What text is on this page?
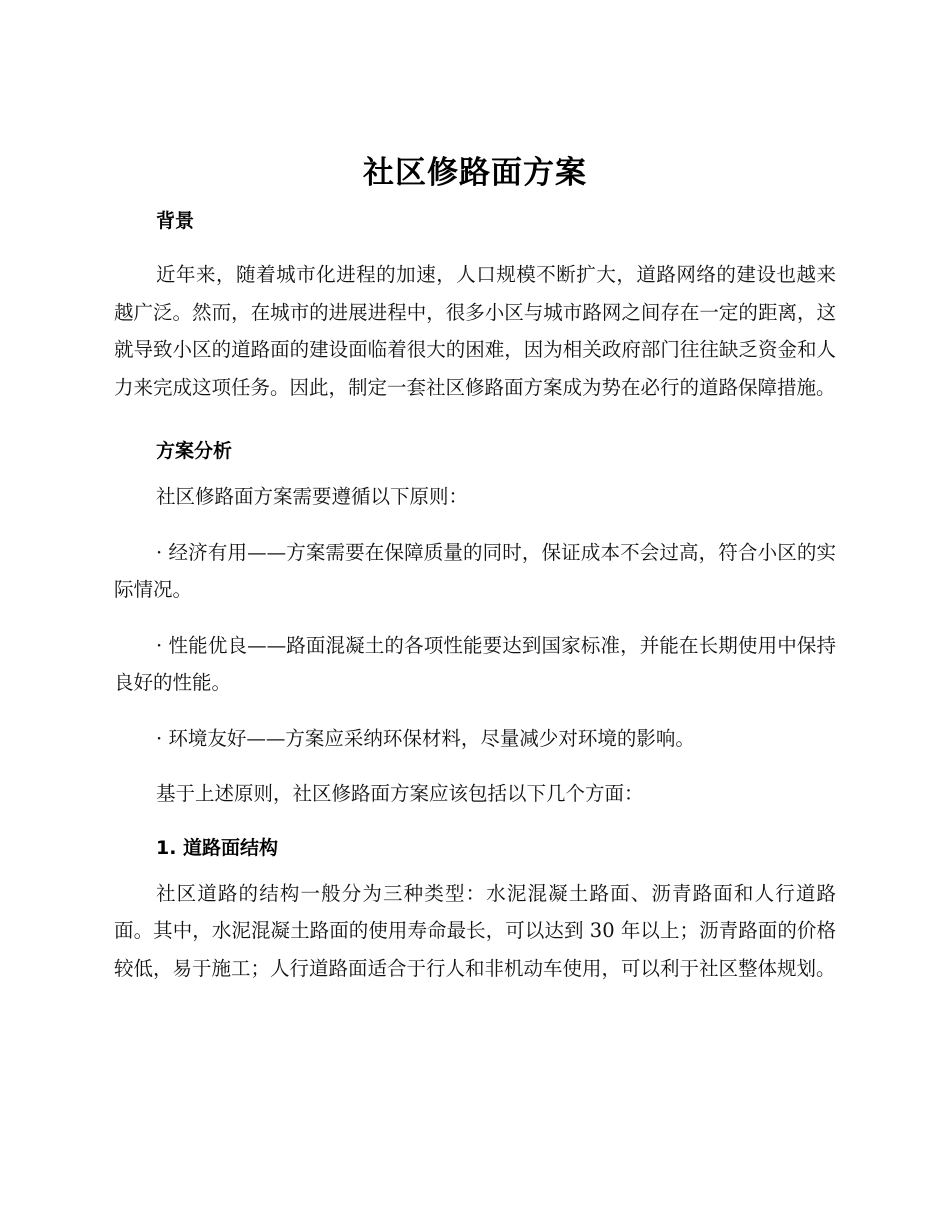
社区修路面方案
背景

近年来，随着城市化进程的加速，人口规模不断扩大，道路网络的建设也越来越广泛。然而，在城市的进展进程中，很多小区与城市路网之间存在一定的距离，这就导致小区的道路面的建设面临着很大的困难，因为相关政府部门往往缺乏资金和人力来完成这项任务。因此，制定一套社区修路面方案成为势在必行的道路保障措施。

方案分析

社区修路面方案需要遵循以下原则：

· 经济有用——方案需要在保障质量的同时，保证成本不会过高，符合小区的实际情况。

· 性能优良——路面混凝土的各项性能要达到国家标准，并能在长期使用中保持良好的性能。

· 环境友好——方案应采纳环保材料，尽量减少对环境的影响。

基于上述原则，社区修路面方案应该包括以下几个方面：

1. 道路面结构

社区道路的结构一般分为三种类型：水泥混凝土路面、沥青路面和人行道路面。其中，水泥混凝土路面的使用寿命最长，可以达到 30 年以上；沥青路面的价格较低，易于施工；人行道路面适合于行人和非机动车使用，可以利于社区整体规划。
